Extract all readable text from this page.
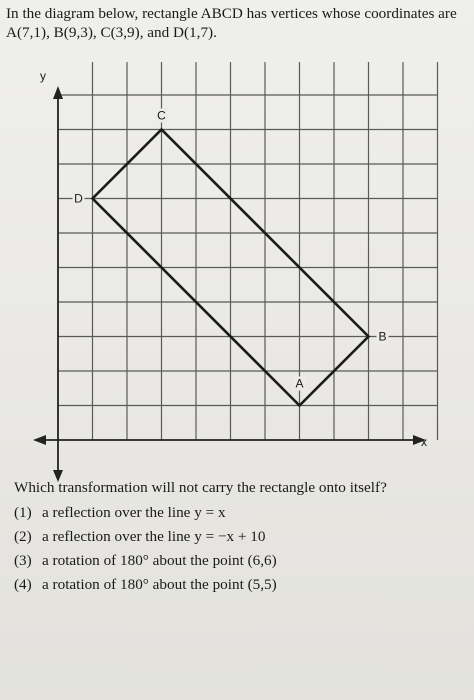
In the diagram below, rectangle ABCD has vertices whose coordinates are A(7,1), B(9,3), C(3,9), and D(1,7).

y
x
A
B
C
D

Which transformation will not carry the rectangle onto itself?

(1) a reflection over the line y = x
(2) a reflection over the line y = −x + 10
(3) a rotation of 180° about the point (6,6)
(4) a rotation of 180° about the point (5,5)
